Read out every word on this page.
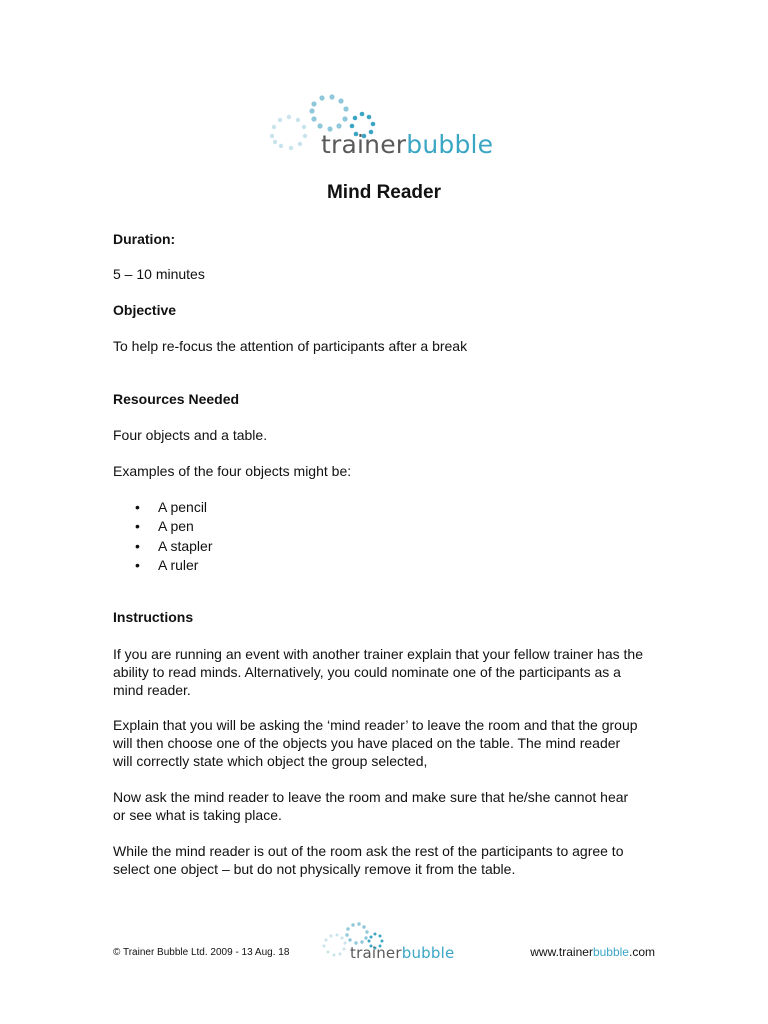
trainerbubble
Mind Reader

Duration:

5 – 10 minutes

Objective

To help re-focus the attention of participants after a break

Resources Needed

Four objects and a table.

Examples of the four objects might be:

• A pencil
• A pen
• A stapler
• A ruler

Instructions

If you are running an event with another trainer explain that your fellow trainer has the ability to read minds. Alternatively, you could nominate one of the participants as a mind reader.

Explain that you will be asking the ‘mind reader’ to leave the room and that the group will then choose one of the objects you have placed on the table. The mind reader will correctly state which object the group selected,

Now ask the mind reader to leave the room and make sure that he/she cannot hear or see what is taking place.

While the mind reader is out of the room ask the rest of the participants to agree to select one object – but do not physically remove it from the table.

© Trainer Bubble Ltd. 2009 - 13 Aug. 18	trainerbubble	www.trainerbubble.com
